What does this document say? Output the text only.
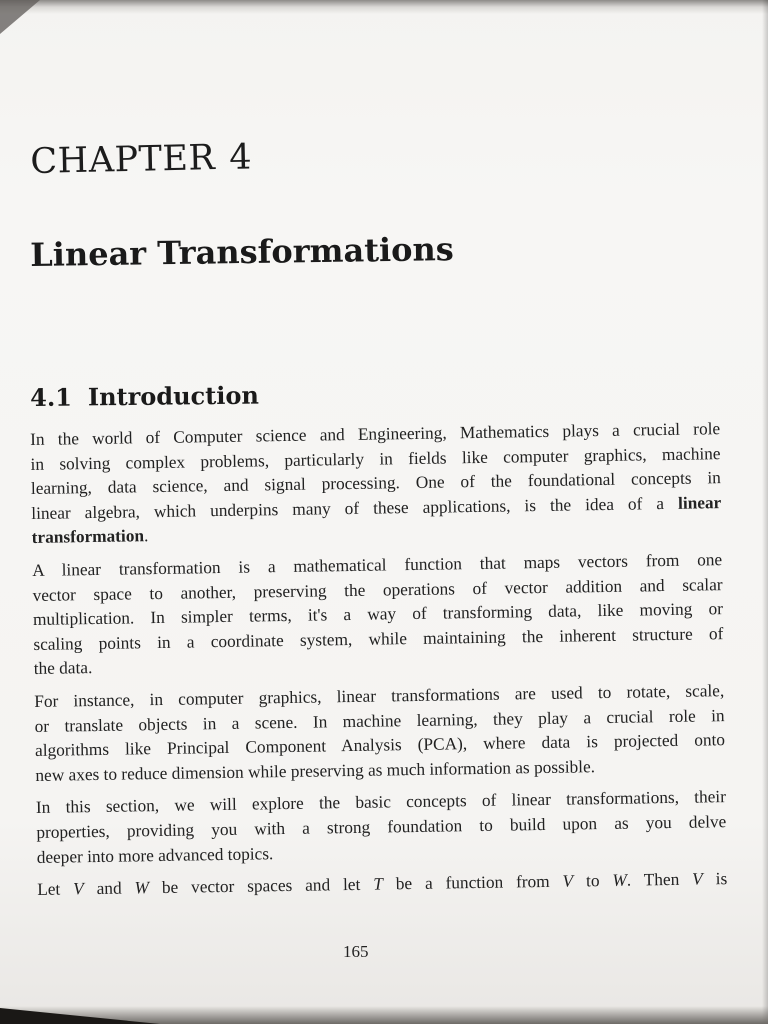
CHAPTER 4
Linear Transformations
4.1 Introduction

In the world of Computer science and Engineering, Mathematics plays a crucial role
in solving complex problems, particularly in fields like computer graphics, machine
learning, data science, and signal processing. One of the foundational concepts in
linear algebra, which underpins many of these applications, is the idea of a linear
transformation.

A linear transformation is a mathematical function that maps vectors from one
vector space to another, preserving the operations of vector addition and scalar
multiplication. In simpler terms, it's a way of transforming data, like moving or
scaling points in a coordinate system, while maintaining the inherent structure of
the data.

For instance, in computer graphics, linear transformations are used to rotate, scale,
or translate objects in a scene. In machine learning, they play a crucial role in
algorithms like Principal Component Analysis (PCA), where data is projected onto
new axes to reduce dimension while preserving as much information as possible.

In this section, we will explore the basic concepts of linear transformations, their
properties, providing you with a strong foundation to build upon as you delve
deeper into more advanced topics.

Let V and W be vector spaces and let T be a function from V to W. Then V is

165
